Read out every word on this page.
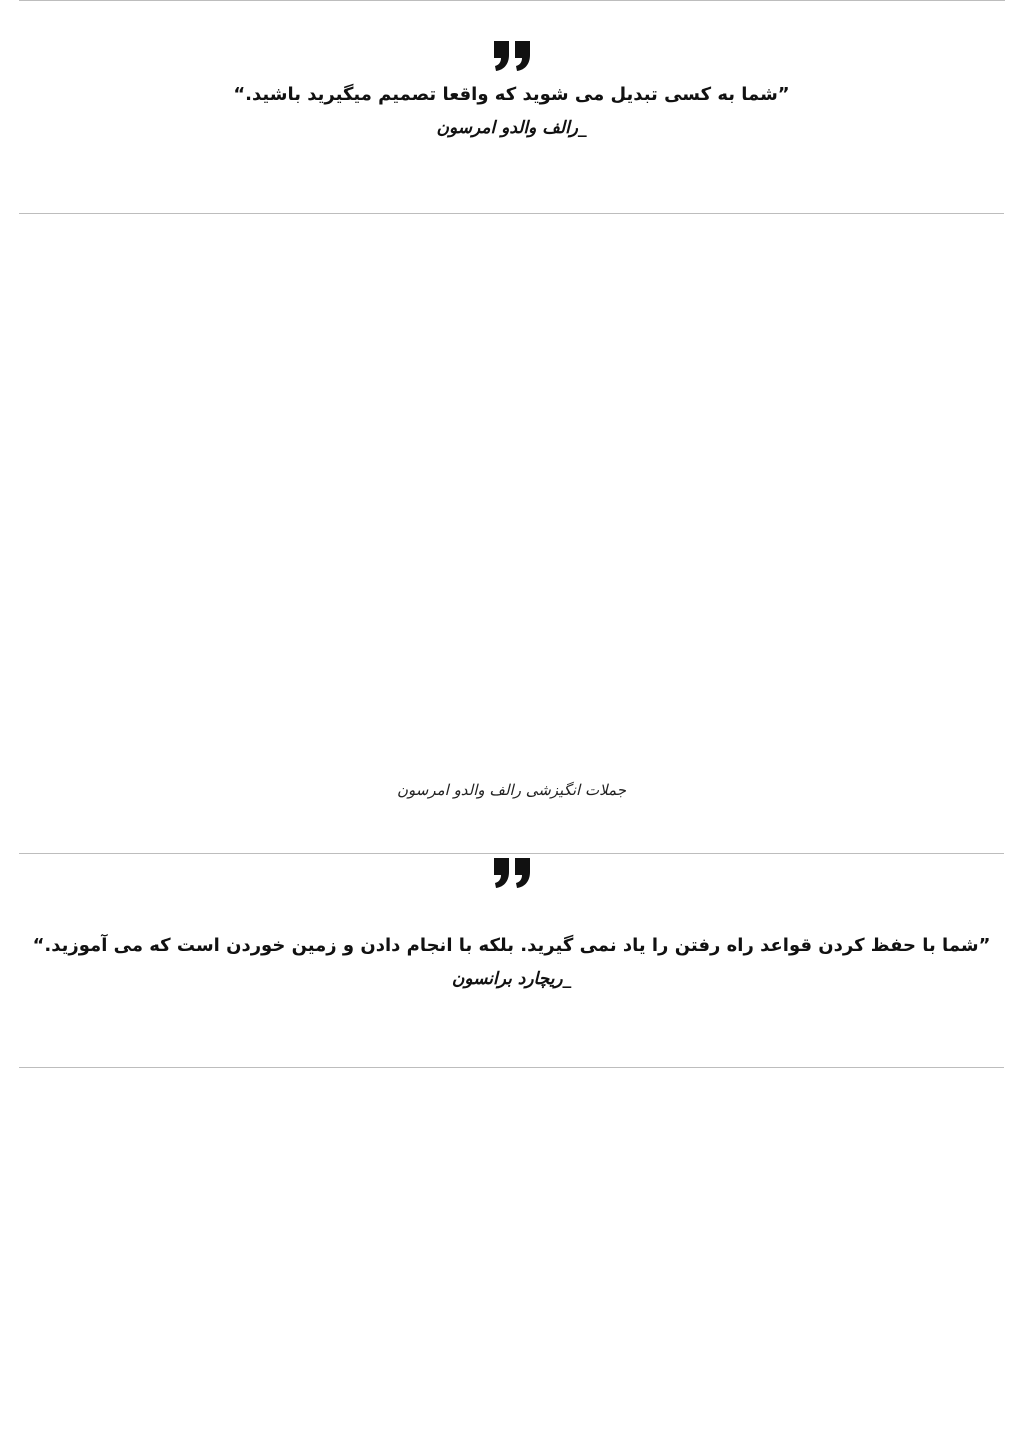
”شما به کسی تبدیل می شوید که واقعا تصمیم میگیرید باشید.“

_رالف والدو امرسون

جملات انگیزشی رالف والدو امرسون

”شما با حفظ کردن قواعد راه رفتن را یاد نمی گیرید. بلکه با انجام دادن و زمین خوردن است که می آموزید.“

_ریچارد برانسون
